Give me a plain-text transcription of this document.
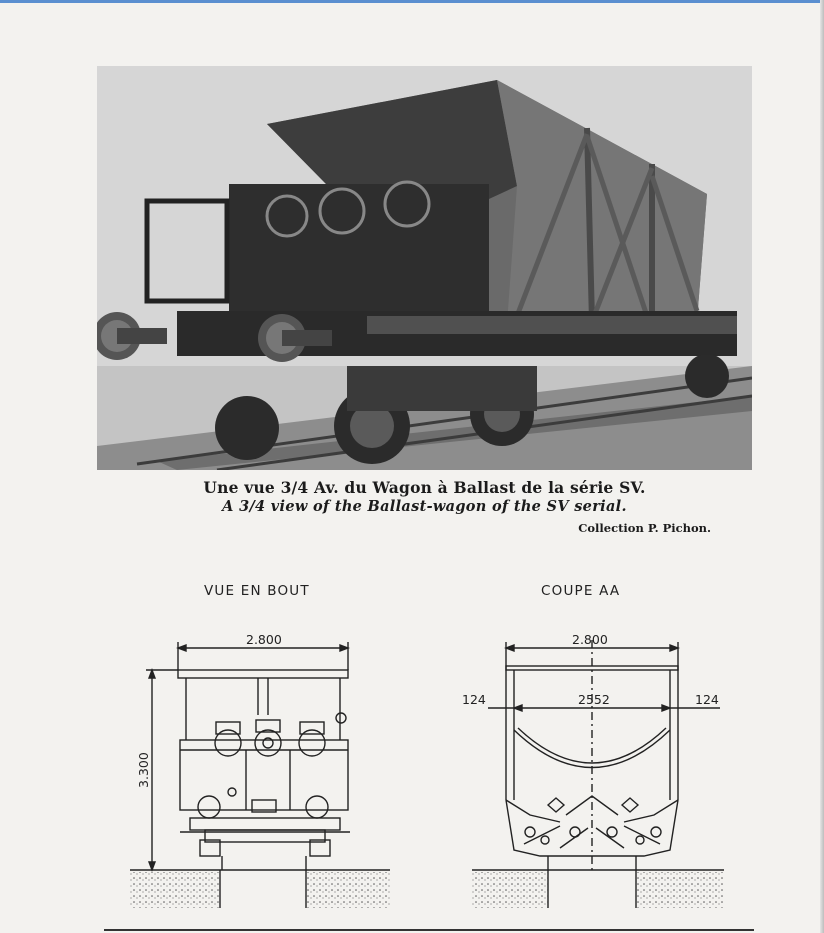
Une vue 3/4 Av. du Wagon à Ballast de la série SV.
A 3/4 view of the Ballast-wagon of the SV serial.
Collection P. Pichon.
VUE EN BOUT	COUPE AA
2.800
3.300
2.800
2552
124	124
